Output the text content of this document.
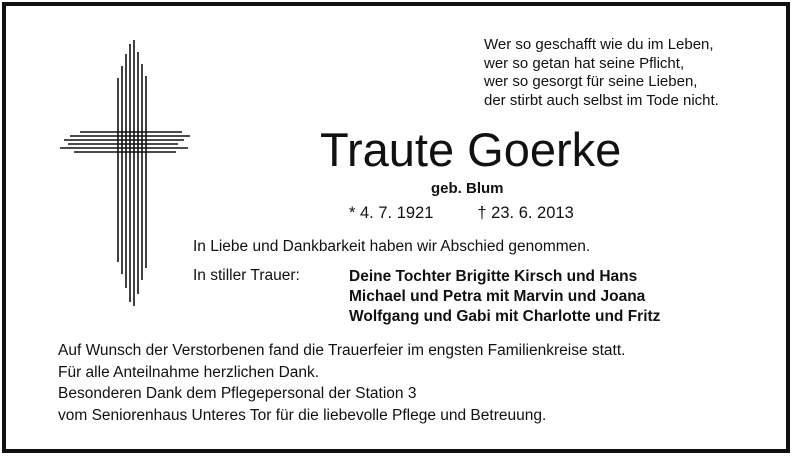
Wer so geschafft wie du im Leben,
wer so getan hat seine Pflicht,
wer so gesorgt für seine Lieben,
der stirbt auch selbst im Tode nicht.
Traute Goerke
geb. Blum
* 4. 7. 1921	† 23. 6. 2013
In Liebe und Dankbarkeit haben wir Abschied genommen.
In stiller Trauer:	Deine Tochter Brigitte Kirsch und Hans
Michael und Petra mit Marvin und Joana
Wolfgang und Gabi mit Charlotte und Fritz
Auf Wunsch der Verstorbenen fand die Trauerfeier im engsten Familienkreise statt.
Für alle Anteilnahme herzlichen Dank.
Besonderen Dank dem Pflegepersonal der Station 3
vom Seniorenhaus Unteres Tor für die liebevolle Pflege und Betreuung.
